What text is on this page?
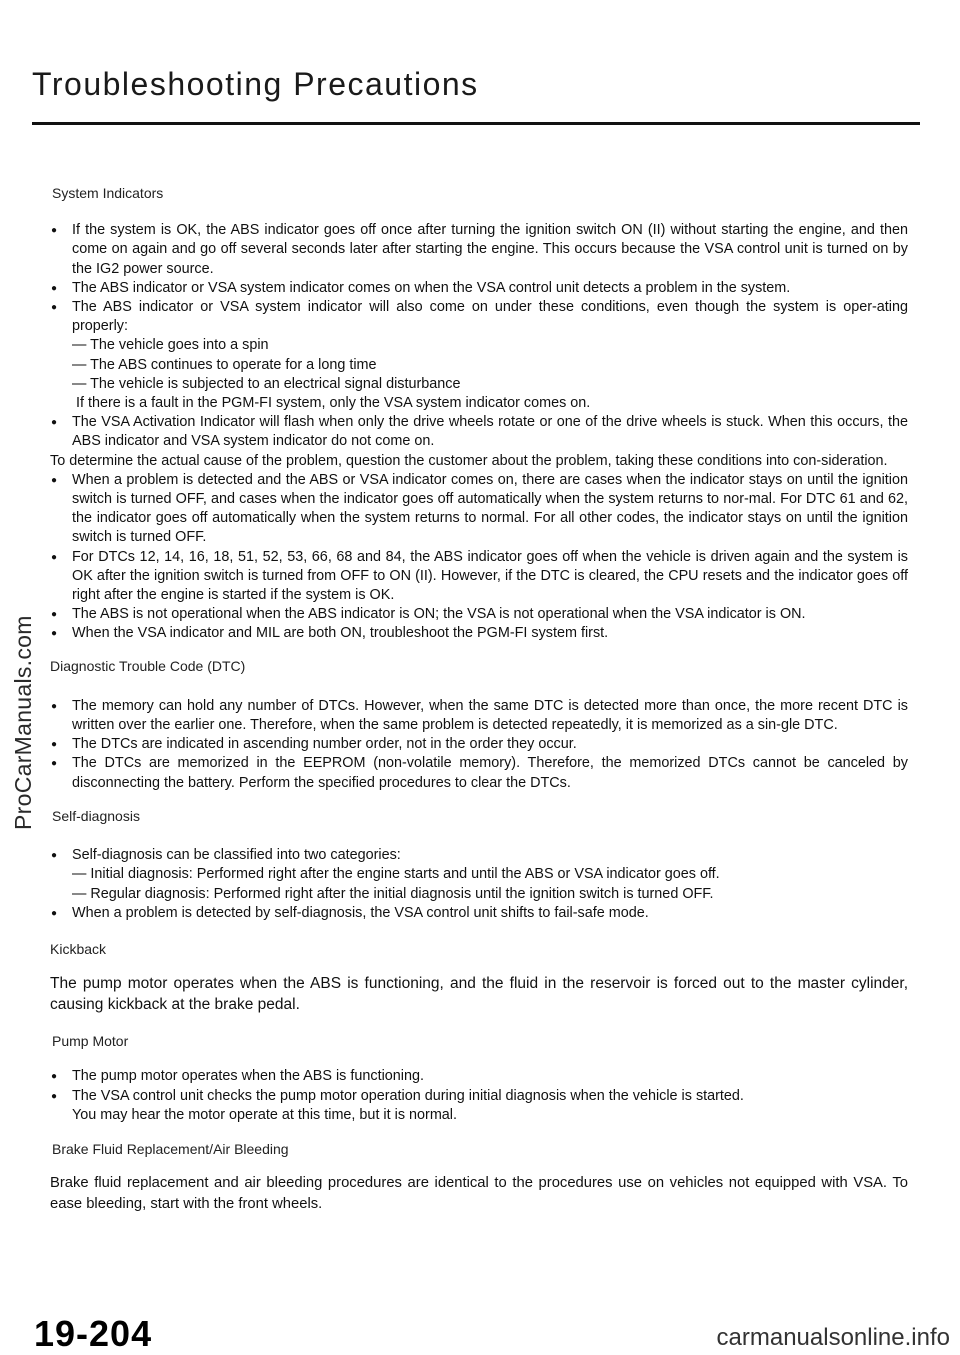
Troubleshooting Precautions
ProCarManuals.com

System Indicators

● If the system is OK, the ABS indicator goes off once after turning the ignition switch ON (II) without starting the engine, and then come on again and go off several seconds later after starting the engine. This occurs because the VSA control unit is turned on by the IG2 power source.
● The ABS indicator or VSA system indicator comes on when the VSA control unit detects a problem in the system.
● The ABS indicator or VSA system indicator will also come on under these conditions, even though the system is oper-ating properly:
— The vehicle goes into a spin
— The ABS continues to operate for a long time
— The vehicle is subjected to an electrical signal disturbance
If there is a fault in the PGM-FI system, only the VSA system indicator comes on.
● The VSA Activation Indicator will flash when only the drive wheels rotate or one of the drive wheels is stuck. When this occurs, the ABS indicator and VSA system indicator do not come on.

To determine the actual cause of the problem, question the customer about the problem, taking these conditions into con-sideration.

● When a problem is detected and the ABS or VSA indicator comes on, there are cases when the indicator stays on until the ignition switch is turned OFF, and cases when the indicator goes off automatically when the system returns to nor-mal. For DTC 61 and 62, the indicator goes off automatically when the system returns to normal. For all other codes, the indicator stays on until the ignition switch is turned OFF.
● For DTCs 12, 14, 16, 18, 51, 52, 53, 66, 68 and 84, the ABS indicator goes off when the vehicle is driven again and the system is OK after the ignition switch is turned from OFF to ON (II). However, if the DTC is cleared, the CPU resets and the indicator goes off right after the engine is started if the system is OK.
● The ABS is not operational when the ABS indicator is ON; the VSA is not operational when the VSA indicator is ON.
● When the VSA indicator and MIL are both ON, troubleshoot the PGM-FI system first.

Diagnostic Trouble Code (DTC)

● The memory can hold any number of DTCs. However, when the same DTC is detected more than once, the more recent DTC is written over the earlier one. Therefore, when the same problem is detected repeatedly, it is memorized as a sin-gle DTC.
● The DTCs are indicated in ascending number order, not in the order they occur.
● The DTCs are memorized in the EEPROM (non-volatile memory). Therefore, the memorized DTCs cannot be canceled by disconnecting the battery. Perform the specified procedures to clear the DTCs.

Self-diagnosis

● Self-diagnosis can be classified into two categories:
— Initial diagnosis: Performed right after the engine starts and until the ABS or VSA indicator goes off.
— Regular diagnosis: Performed right after the initial diagnosis until the ignition switch is turned OFF.
● When a problem is detected by self-diagnosis, the VSA control unit shifts to fail-safe mode.

Kickback

The pump motor operates when the ABS is functioning, and the fluid in the reservoir is forced out to the master cylinder, causing kickback at the brake pedal.

Pump Motor

● The pump motor operates when the ABS is functioning.
● The VSA control unit checks the pump motor operation during initial diagnosis when the vehicle is started.
You may hear the motor operate at this time, but it is normal.

Brake Fluid Replacement/Air Bleeding

Brake fluid replacement and air bleeding procedures are identical to the procedures use on vehicles not equipped with VSA. To ease bleeding, start with the front wheels.

19-204	carmanualsonline.info
